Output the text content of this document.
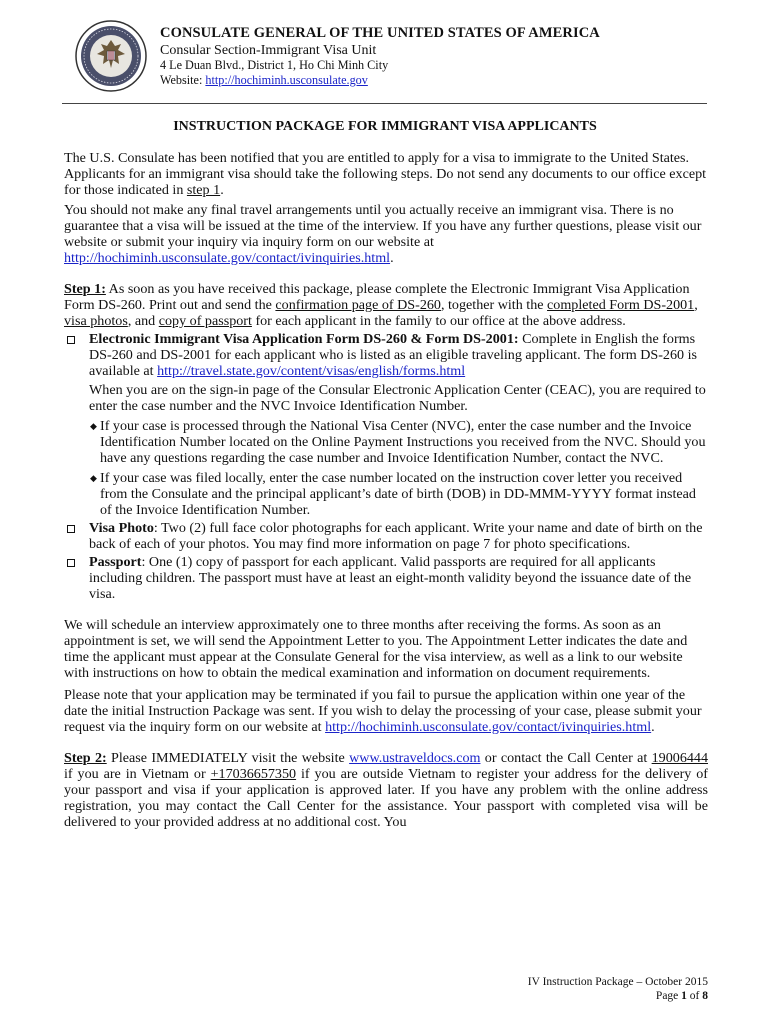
CONSULATE GENERAL OF THE UNITED STATES OF AMERICA
Consular Section-Immigrant Visa Unit
4 Le Duan Blvd., District 1, Ho Chi Minh City
Website: http://hochiminh.usconsulate.gov
INSTRUCTION PACKAGE FOR IMMIGRANT VISA APPLICANTS

The U.S. Consulate has been notified that you are entitled to apply for a visa to immigrate to the United States. Applicants for an immigrant visa should take the following steps. Do not send any documents to our office except for those indicated in step 1.

You should not make any final travel arrangements until you actually receive an immigrant visa. There is no guarantee that a visa will be issued at the time of the interview. If you have any further questions, please visit our website or submit your inquiry via inquiry form on our website at http://hochiminh.usconsulate.gov/contact/ivinquiries.html.

Step 1: As soon as you have received this package, please complete the Electronic Immigrant Visa Application Form DS-260. Print out and send the confirmation page of DS-260, together with the completed Form DS-2001, visa photos, and copy of passport for each applicant in the family to our office at the above address.

Electronic Immigrant Visa Application Form DS-260 & Form DS-2001: Complete in English the forms DS-260 and DS-2001 for each applicant who is listed as an eligible traveling applicant. The form DS-260 is available at http://travel.state.gov/content/visas/english/forms.html
When you are on the sign-in page of the Consular Electronic Application Center (CEAC), you are required to enter the case number and the NVC Invoice Identification Number.
◆ If your case is processed through the National Visa Center (NVC), enter the case number and the Invoice Identification Number located on the Online Payment Instructions you received from the NVC. Should you have any questions regarding the case number and Invoice Identification Number, contact the NVC.
◆ If your case was filed locally, enter the case number located on the instruction cover letter you received from the Consulate and the principal applicant’s date of birth (DOB) in DD-MMM-YYYY format instead of the Invoice Identification Number.
Visa Photo: Two (2) full face color photographs for each applicant. Write your name and date of birth on the back of each of your photos. You may find more information on page 7 for photo specifications.
Passport: One (1) copy of passport for each applicant. Valid passports are required for all applicants including children. The passport must have at least an eight-month validity beyond the issuance date of the visa.

We will schedule an interview approximately one to three months after receiving the forms. As soon as an appointment is set, we will send the Appointment Letter to you. The Appointment Letter indicates the date and time the applicant must appear at the Consulate General for the visa interview, as well as a link to our website with instructions on how to obtain the medical examination and information on document requirements.

Please note that your application may be terminated if you fail to pursue the application within one year of the date the initial Instruction Package was sent. If you wish to delay the processing of your case, please submit your request via the inquiry form on our website at http://hochiminh.usconsulate.gov/contact/ivinquiries.html.

Step 2: Please IMMEDIATELY visit the website www.ustraveldocs.com or contact the Call Center at 19006444 if you are in Vietnam or +17036657350 if you are outside Vietnam to register your address for the delivery of your passport and visa if your application is approved later. If you have any problem with the online address registration, you may contact the Call Center for the assistance. Your passport with completed visa will be delivered to your provided address at no additional cost. You

IV Instruction Package – October 2015
Page 1 of 8
